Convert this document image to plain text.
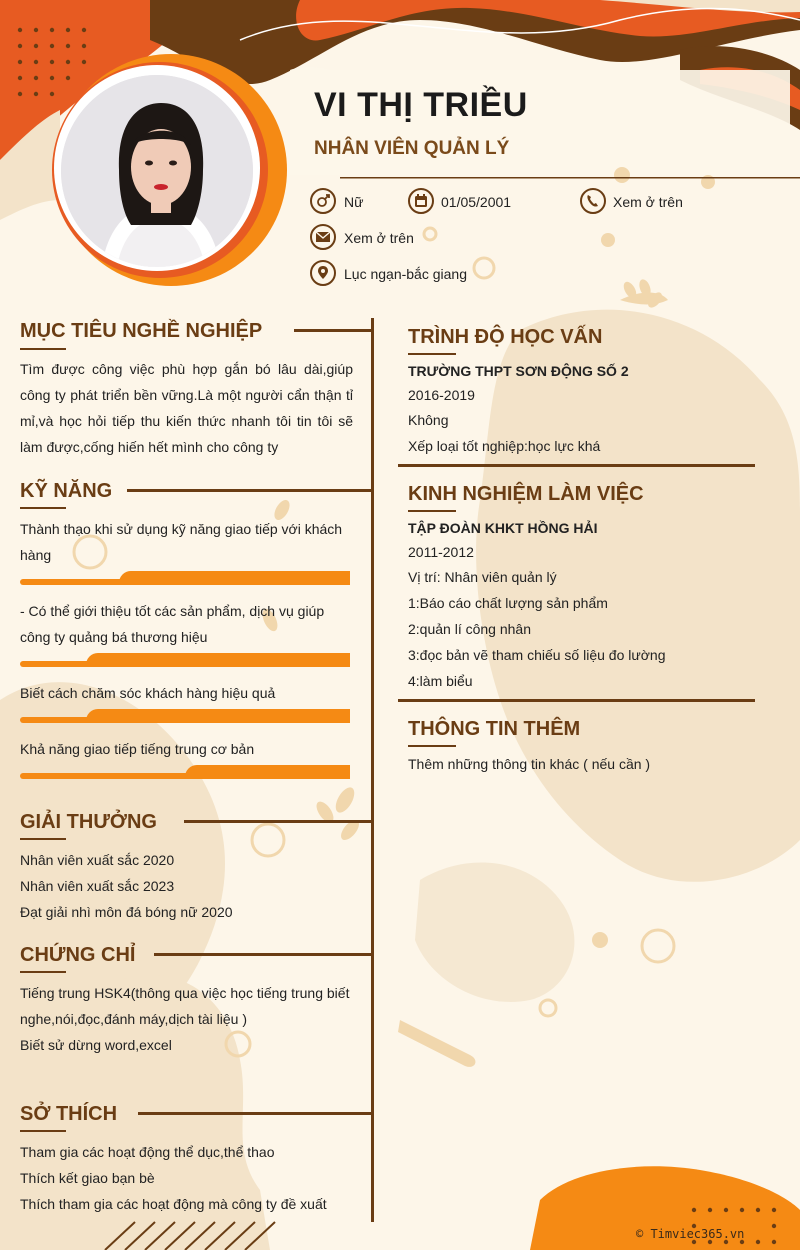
VI THỊ TRIỀU
NHÂN VIÊN QUẢN LÝ
Nữ	01/05/2001	Xem ở trên
Xem ở trên
Lục ngạn-bắc giang
MỤC TIÊU NGHỀ NGHIỆP
Tìm được công việc phù hợp gắn bó lâu dài,giúp công ty phát triển bền vững.Là một người cẩn thận tỉ mỉ,và học hỏi tiếp thu kiến thức nhanh tôi tin tôi sẽ làm được,cống hiến hết mình cho công ty
KỸ NĂNG
Thành thạo khi sử dụng kỹ năng giao tiếp với khách hàng
- Có thể giới thiệu tốt các sản phẩm, dịch vụ giúp công ty quảng bá thương hiệu
Biết cách chăm sóc khách hàng hiệu quả
Khả năng giao tiếp tiếng trung cơ bản
GIẢI THƯỞNG
Nhân viên xuất sắc 2020
Nhân viên xuất sắc 2023
Đạt giải nhì môn đá bóng nữ 2020
CHỨNG CHỈ
Tiếng trung HSK4(thông qua việc học tiếng trung biết nghe,nói,đọc,đánh máy,dịch tài liệu )
Biết sử dừng word,excel
SỞ THÍCH
Tham gia các hoạt động thể dục,thể thao
Thích kết giao bạn bè
Thích tham gia các hoạt động mà công ty đề xuất
TRÌNH ĐỘ HỌC VẤN
TRƯỜNG THPT SƠN ĐỘNG SỐ 2
2016-2019
Không
Xếp loại tốt nghiệp:học lực khá
KINH NGHIỆM LÀM VIỆC
TẬP ĐOÀN KHKT HỒNG HẢI
2011-2012
Vị trí: Nhân viên quản lý
1:Báo cáo chất lượng sản phẩm
2:quản lí công nhân
3:đọc bản vẽ tham chiếu số liệu đo lường
4:làm biểu
THÔNG TIN THÊM
Thêm những thông tin khác ( nếu cần )
© Timviec365.vn
